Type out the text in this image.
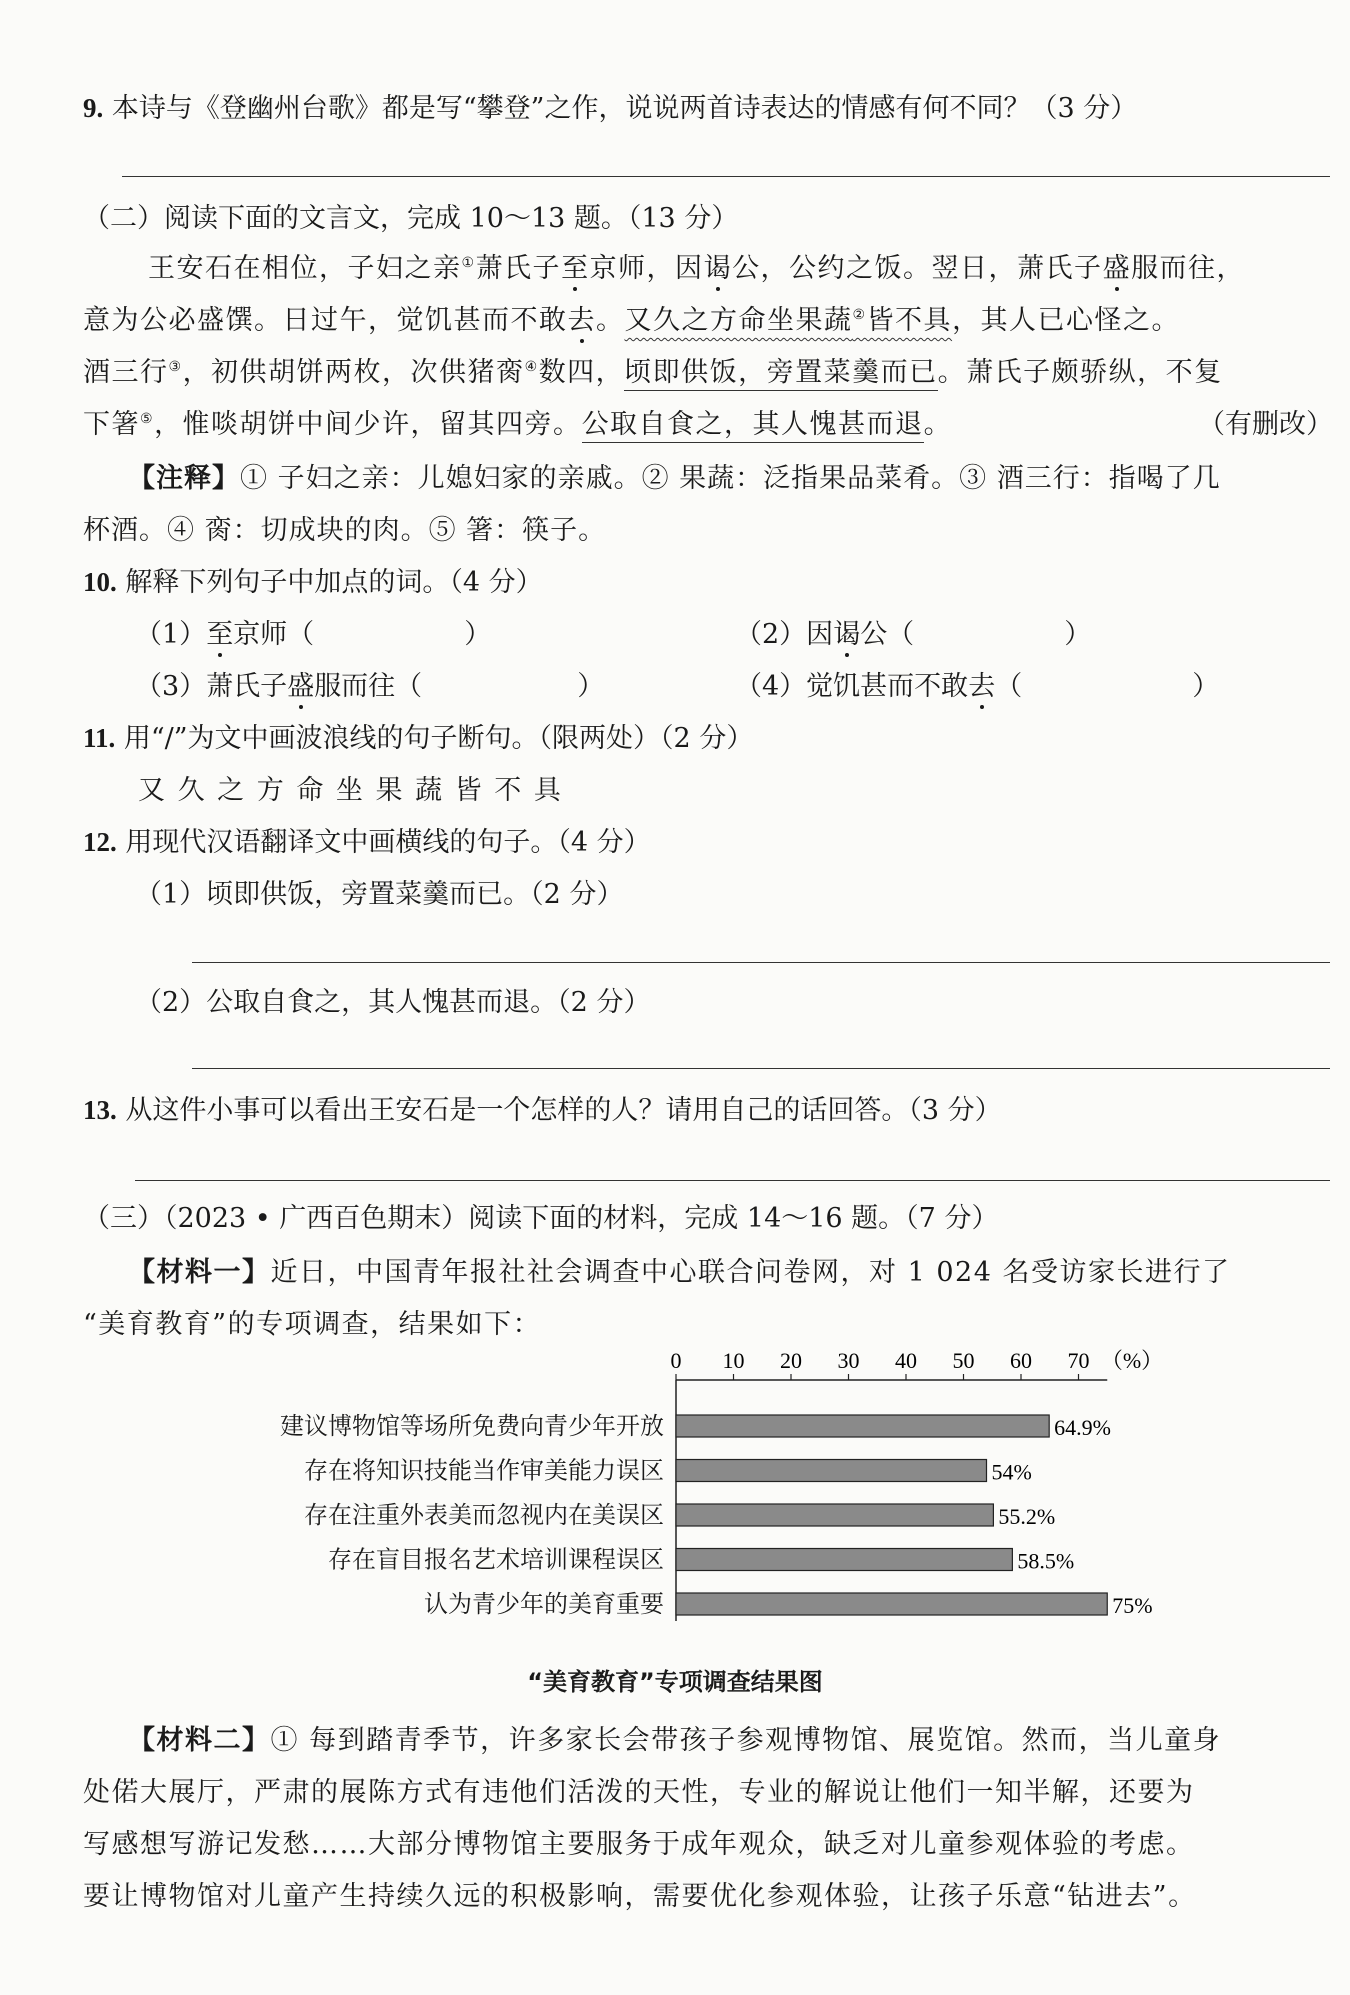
9. 本诗与《登幽州台歌》都是写“攀登”之作，说说两首诗表达的情感有何不同？（3 分）
（二）阅读下面的文言文，完成 10～13 题。（13 分）
王安石在相位，子妇之亲①萧氏子至京师，因谒公，公约之饭。翌日，萧氏子盛服而往，
意为公必盛馔。日过午，觉饥甚而不敢去。又久之方命坐果蔬②皆不具，其人已心怪之。
酒三行③，初供胡饼两枚，次供猪脔④数四，顷即供饭，旁置菜羹而已。萧氏子颇骄纵，不复
下箸⑤，惟啖胡饼中间少许，留其四旁。公取自食之，其人愧甚而退。	（有删改）
【注释】① 子妇之亲：儿媳妇家的亲戚。② 果蔬：泛指果品菜肴。③ 酒三行：指喝了几
杯酒。④ 脔：切成块的肉。⑤ 箸：筷子。
10. 解释下列句子中加点的词。（4 分）
（1）至京师（	）	（2）因谒公（	）
（3）萧氏子盛服而往（	）	（4）觉饥甚而不敢去（	）
11. 用“/”为文中画波浪线的句子断句。（限两处）（2 分）
又 久 之 方 命 坐 果 蔬 皆 不 具
12. 用现代汉语翻译文中画横线的句子。（4 分）
（1）顷即供饭，旁置菜羹而已。（2 分）
（2）公取自食之，其人愧甚而退。（2 分）
13. 从这件小事可以看出王安石是一个怎样的人？请用自己的话回答。（3 分）
（三）（2023 • 广西百色期末）阅读下面的材料，完成 14～16 题。（7 分）
【材料一】近日，中国青年报社社会调查中心联合问卷网，对 1 024 名受访家长进行了
“美育教育”的专项调查，结果如下：
0 10 20 30 40 50 60 70 （%）
建议博物馆等场所免费向青少年开放	64.9%
存在将知识技能当作审美能力误区	54%
存在注重外表美而忽视内在美误区	55.2%
存在盲目报名艺术培训课程误区	58.5%
认为青少年的美育重要	75%
“美育教育”专项调查结果图
【材料二】① 每到踏青季节，许多家长会带孩子参观博物馆、展览馆。然而，当儿童身
处偌大展厅，严肃的展陈方式有违他们活泼的天性，专业的解说让他们一知半解，还要为
写感想写游记发愁……大部分博物馆主要服务于成年观众，缺乏对儿童参观体验的考虑。
要让博物馆对儿童产生持续久远的积极影响，需要优化参观体验，让孩子乐意“钻进去”。
